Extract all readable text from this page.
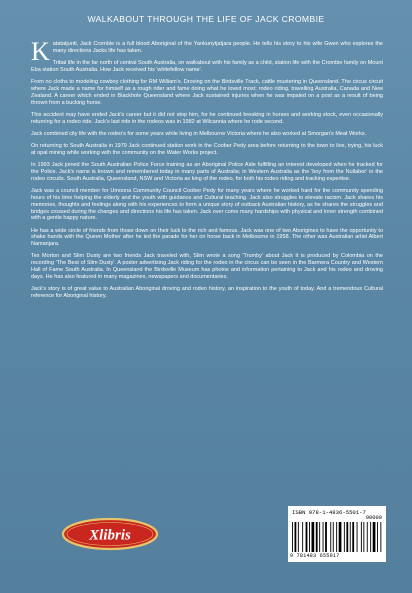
WALKABOUT THROUGH THE LIFE OF JACK CROMBIE

Katatatjunti, Jack Crombie is a full blood Aboriginal of the Yankunytjatjara people. He tells his story to his wife Gwen who explores the many directions Jacks life has taken.

Tribal life in the far north of central South Australia, on walkabout with his family as a child, station life with the Crombie family on Mount Eba station South Australia. How Jack received his 'whitefellow name'.

From no cloths to modeling cowboy clothing for RM William's. Droving on the Birdsville Track, cattle mustering in Queensland. The circus circuit where Jack made a name for himself as a rough rider and fame doing what he loved most; rodeo riding, travelling Australia, Canada and New Zealand. A career which ended in Blackhole Queensland where Jack sustained injuries when he was impaled on a post as a result of being thrown from a bucking horse.

This accident may have ended Jack's career but it did not stop him, for he continued breaking in horses and working stock, even occasionally returning for a rodeo ride. Jack's last ride in the rodeos was in 1982 at Wilcannia where he rode second.

Jack combined city life with the rodeo's for some years while living in Melbourne Victoria where he also worked at Smorgan's Meat Works.

On returning to South Australia in 1979 Jack continued station work in the Coober Pedy area before returning to the town to live, trying, his luck at opal mining while working with the community on the Water Works project.

In 1993 Jack joined the South Australian Police Force training as an Aboriginal Police Aide fulfilling an interest developed when he tracked for the Police. Jack's name is known and remembered today in many parts of Australia; in Western Australia as the 'boy from the Nullabor' in the rodeo circuits. South Australia, Queensland, NSW and Victoria as king of the rodeo, for both his rodeo riding and tracking expertise.

Jack was a council member for Umoona Community Council Coober Pedy for many years where he worked hard for the community spending hours of his time helping the elderly and the youth with guidance and Cultural teaching. Jack also struggles to elevate racism. Jack shares his memories, thoughts and feelings along with his experiences to form a unique story of outback Australian history, as he shares the struggles and bridges crossed during the changes and directions his life has taken. Jack over come many hardships with physical and inner strength combined with a gentle happy nature.

He has a wide circle of friends from those down on their luck to the rich and famous. Jack was one of two Aborigines to have the opportunity to shake hands with the Queen Mother after he led the parade for her on horse back in Melbourne in 1958. The other was Australian artist Albert Namanjara.

Tex Morton and Slim Dusty are two friends Jack traveled with, Slim wrote a song 'Trumby' about Jack it is produced by Colombia on the recording 'The Best of Slim Dusty'. A poster advertising Jack riding for the rodeo in the circus can be seen in the Barmera Country and Western Hall of Fame South Australia. In Queensland the Birdsville Museum has photos and information pertaining to Jack and his rodeo and droving days. He has also featured in many magazines, newspapers and documentaries.

Jack's story is of great value to Australian Aboriginal droving and rodeo history, an inspiration to the youth of today. And a tremendous Cultural reference for Aboriginal history.

Xlibris
ISBN 978-1-4836-5501-7
90000
9 781483 655017
